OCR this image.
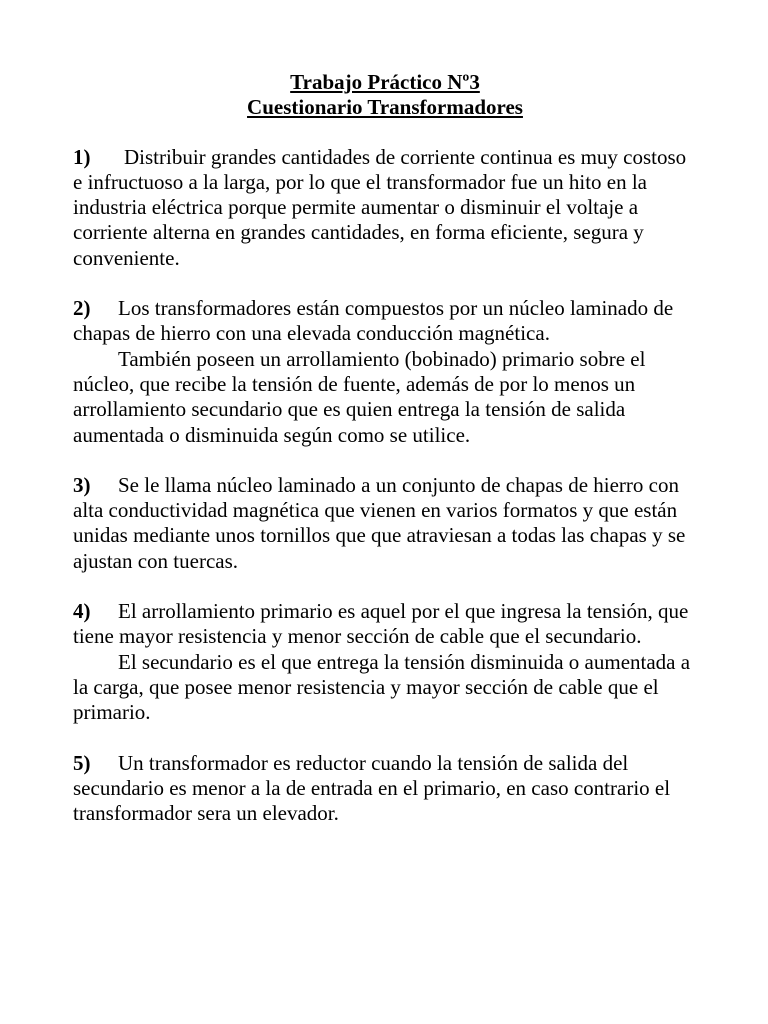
Trabajo Práctico Nº3
Cuestionario Transformadores

1) Distribuir grandes cantidades de corriente continua es muy costoso e infructuoso a la larga, por lo que el transformador fue un hito en la industria eléctrica porque permite aumentar o disminuir el voltaje a corriente alterna en grandes cantidades, en forma eficiente, segura y conveniente.

2) Los transformadores están compuestos por un núcleo laminado de chapas de hierro con una elevada conducción magnética.

También poseen un arrollamiento (bobinado) primario sobre el núcleo, que recibe la tensión de fuente, además de por lo menos un arrollamiento secundario que es quien entrega la tensión de salida aumentada o disminuida según como se utilice.

3) Se le llama núcleo laminado a un conjunto de chapas de hierro con alta conductividad magnética que vienen en varios formatos y que están unidas mediante unos tornillos que que atraviesan a todas las chapas y se ajustan con tuercas.

4) El arrollamiento primario es aquel por el que ingresa la tensión, que tiene mayor resistencia y menor sección de cable que el secundario.

El secundario es el que entrega la tensión disminuida o aumentada a la carga, que posee menor resistencia y mayor sección de cable que el primario.

5) Un transformador es reductor cuando la tensión de salida del secundario es menor a la de entrada en el primario, en caso contrario el transformador sera un elevador.
